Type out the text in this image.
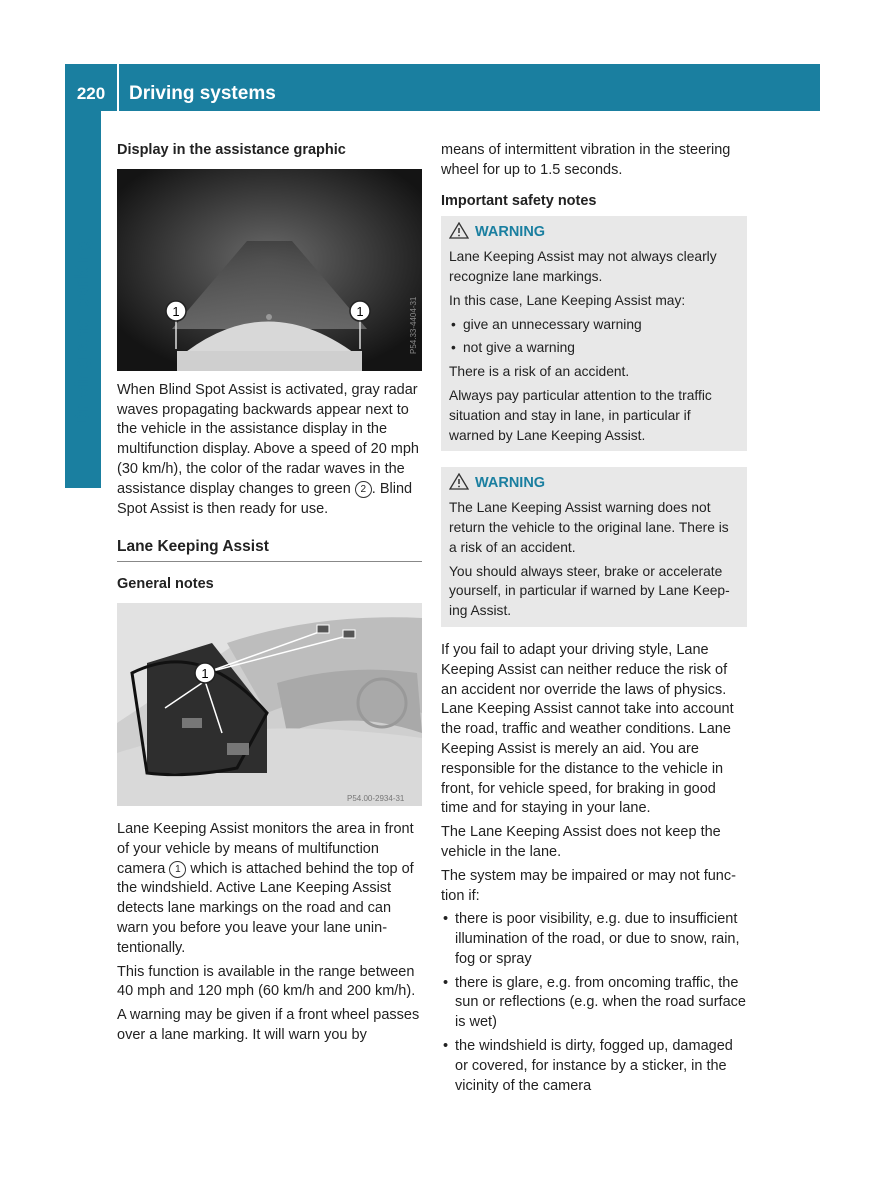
220	Driving systems
Driving and parking
Display in the assistance graphic
1	1	P54.33-4404-31

When Blind Spot Assist is activated, gray radar waves propagating backwards appear next to the vehicle in the assistance display in the multifunction display. Above a speed of 20 mph (30 km/h), the color of the radar waves in the assistance display changes to green 2 . Blind Spot Assist is then ready for use.

Lane Keeping Assist
General notes
1
P54.00-2934-31

Lane Keeping Assist monitors the area in front of your vehicle by means of multifunction camera 1 which is attached behind the top of the windshield. Active Lane Keeping Assist detects lane markings on the road and can warn you before you leave your lane unintentionally.

This function is available in the range between 40 mph and 120 mph (60 km/h and 200 km/h).

A warning may be given if a front wheel passes over a lane marking. It will warn you by

means of intermittent vibration in the steering wheel for up to 1.5 seconds.

Important safety notes
WARNING

Lane Keeping Assist may not always clearly recognize lane markings.

In this case, Lane Keeping Assist may:

• give an unnecessary warning
• not give a warning

There is a risk of an accident.

Always pay particular attention to the traffic situation and stay in lane, in particular if warned by Lane Keeping Assist.

WARNING

The Lane Keeping Assist warning does not return the vehicle to the original lane. There is a risk of an accident.

You should always steer, brake or accelerate yourself, in particular if warned by Lane Keeping Assist.

If you fail to adapt your driving style, Lane Keeping Assist can neither reduce the risk of an accident nor override the laws of physics. Lane Keeping Assist cannot take into account the road, traffic and weather conditions. Lane Keeping Assist is merely an aid. You are responsible for the distance to the vehicle in front, for vehicle speed, for braking in good time and for staying in your lane.

The Lane Keeping Assist does not keep the vehicle in the lane.

The system may be impaired or may not function if:

• there is poor visibility, e.g. due to insufficient illumination of the road, or due to snow, rain, fog or spray
• there is glare, e.g. from oncoming traffic, the sun or reflections (e.g. when the road surface is wet)
• the windshield is dirty, fogged up, damaged or covered, for instance by a sticker, in the vicinity of the camera
